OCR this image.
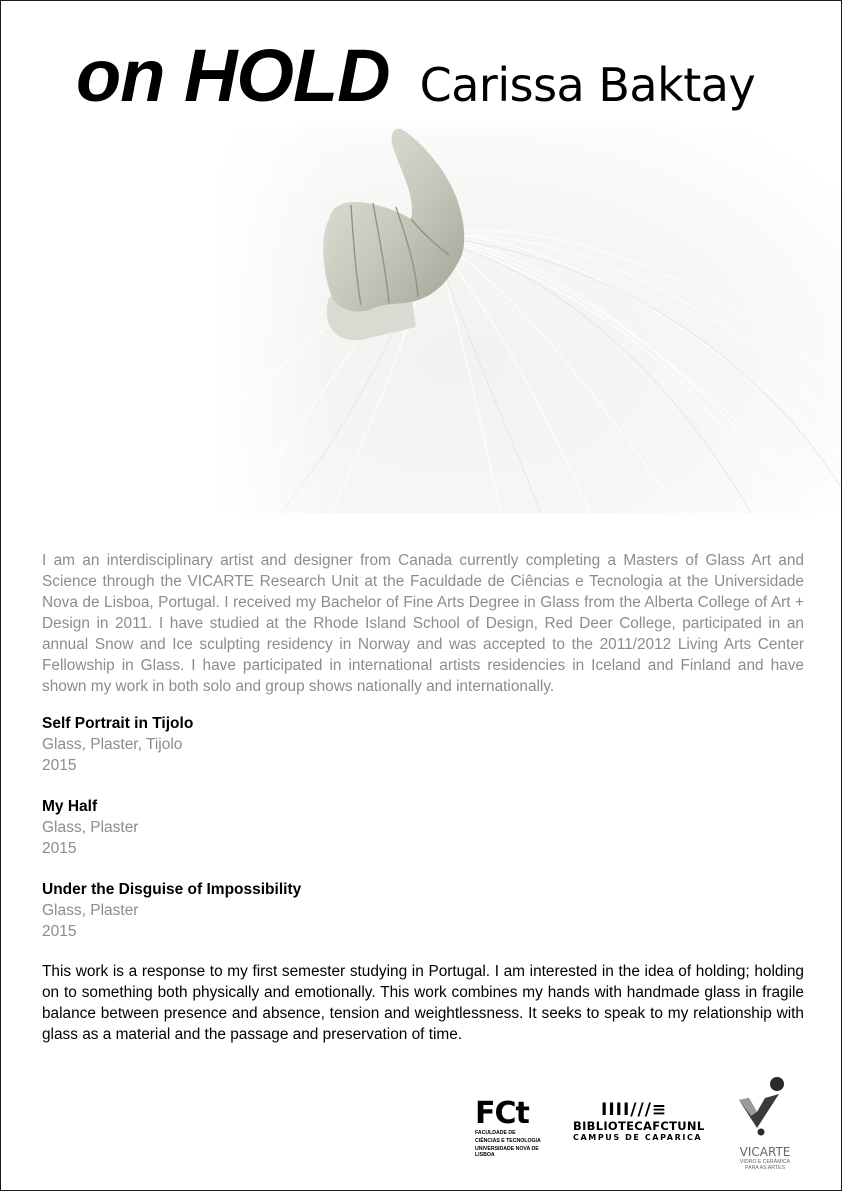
on HOLD Carissa Baktay

I am an interdisciplinary artist and designer from Canada currently completing a Masters of Glass Art and Science through the VICARTE Research Unit at the Faculdade de Ciências e Tecnologia at the Universidade Nova de Lisboa, Portugal. I received my Bachelor of Fine Arts Degree in Glass from the Alberta College of Art + Design in 2011. I have studied at the Rhode Island School of Design, Red Deer College, participated in an annual Snow and Ice sculpting residency in Norway and was accepted to the 2011/2012 Living Arts Center Fellowship in Glass. I have participated in international artists residencies in Iceland and Finland and have shown my work in both solo and group shows nationally and internationally.

Self Portrait in Tijolo
Glass, Plaster, Tijolo
2015
My Half
Glass, Plaster
2015
Under the Disguise of Impossibility
Glass, Plaster
2015

This work is a response to my first semester studying in Portugal. I am interested in the idea of holding; holding on to something both physically and emotionally. This work combines my hands with handmade glass in fragile balance between presence and absence, tension and weightlessness. It seeks to speak to my relationship with glass as a material and the passage and preservation of time.

FCt
FACULDADE DE
CIÊNCIAS E TECNOLOGIA
UNIVERSIDADE NOVA DE LISBOA
IIII///≡
BIBLIOTECAFCTUNL
CAMPUS DE CAPARICA
VICARTE
VIDRO E CERÂMICA
PARA AS ARTES
